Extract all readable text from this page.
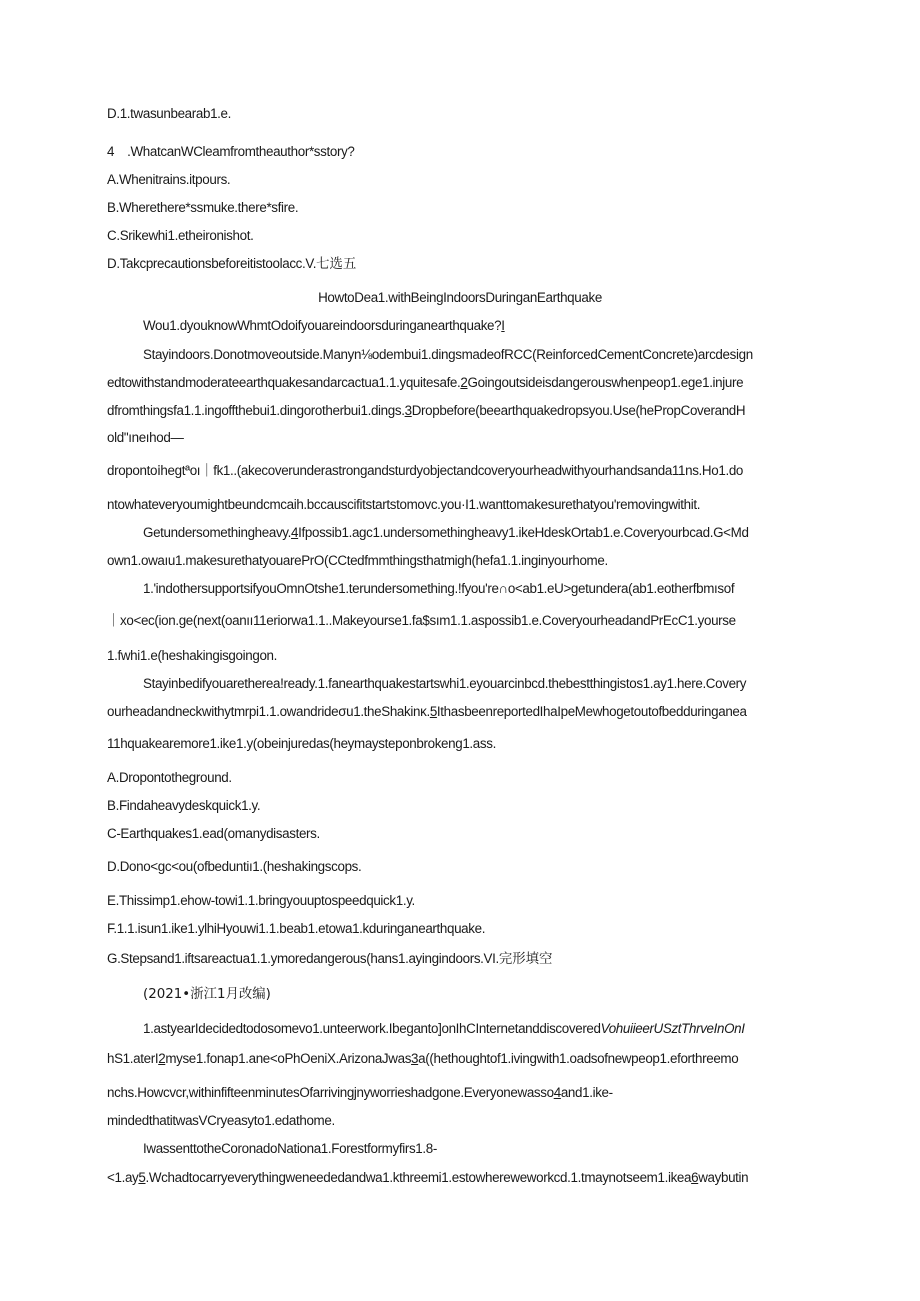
D.1.twasunbearab1.e.
4　.WhatcanWCleamfromtheauthor*sstory?
A.Whenitrains.itpours.
B.Wherethere*ssmuke.there*sfire.
C.Srikewhi1.etheironishot.
D.Takcprecautionsbeforeitistoolacc.V.七选五
HowtoDea1.withBeingIndoorsDuringanEarthquake
Wou1.dyouknowWhmtOdoifyouareindoorsduringanearthquake?I
Stayindoors.Donotmoveoutside.Manyn⅛odembui1.dingsmadeofRCC(ReinforcedCementConcrete)arcdesign
edtowithstandmoderateearthquakesandarcactua1.1.yquitesafe.2Goingoutsideisdangerouswhenpeop1.ege1.injure
dfromthingsfa1.1.ingoffthebui1.dingorotherbui1.dings.3Dropbefore(beearthquakedropsyou.Use(hePropCoverandH
old"ıneıhod—
dropontoⅰhegtªoı｜fk1..(akecoverunderastrongandsturdyobjectandcoveryourheadwithyourhandsanda11ns.Ho1.do
ntowhateveryoumightbeundcmcaih.bccauscifitstartstomovc.you·I1.wanttomakesurethatyou'removingwithit.
Getundersomethingheavy.4Ifpossib1.agc1.undersomethingheavy1.ikeHdeskOrtab1.e.Coveryourbcad.G<Md
own1.owaıu1.makesurethatyouarePrO(CCtedfmmthingsthatmigh(hefa1.1.inginyourhome.
1.'indothersupportsifyouOmnOtshe1.terundersomething.!fyou're∩o<ab1.eU>getundera(ab1.eotherfbmısof
｜xo<ec(ion.ge(next(oanıı11eriorwa1.1..Makeyourse1.fa$sım1.1.aspossib1.e.CoveryourheadandPrEcC1.yourse
1.fwhi1.e(heshakingisgoingon.
Stayinbedifyouaretherea!ready.1.fanearthquakestartswhi1.eyouarcinbcd.thebestthingistos1.ay1.here.Covery
ourheadandneckwithytmrpi1.1.owandrideσu1.theShakinĸ.5IthasbeenreportedIhaIpeMewhogetoutofbedduringanea
11hquakearemore1.ike1.y(obeinjuredas(heymaysteponbrokeng1.ass.
A.Dropontotheground.
B.Findaheavydeskquick1.y.
C-Earthquakes1.ead(omanydisasters.
D.Dono<gc<ou(ofbeduntiı1.(heshakingscops.
E.Thissimp1.ehow-towi1.1.bringyouuptospeedquick1.y.
F.1.1.isun1.ike1.ylhiHyouwi1.1.beab1.etowa1.kduringanearthquake.
G.Stepsand1.iftsareactua1.1.ymoredangerous(hans1.ayingindoors.VI.完形填空
(2021•浙江1月改编)
1.astyearIdecidedtodosomevo1.unteerwork.Ibeganto]onIhCInternetanddiscoveredVohuiieerUSztThrveInOnI
hS1.aterI2myse1.fonap1.ane<oPhOeniX.ArizonaJwas3a((hethoughtof1.ivingwith1.oadsofnewpeop1.eforthreemo
nchs.Howcvcr,withinfifteenminutesOfarrivingjnyworrieshadgone.Everyonewasso4and1.ike-
mindedthatitwasVCryeasyto1.edathome.
IwassenttotheCoronadoNationa1.Forestformyfirs1.8-
<1.ay5.Wchadtocarryeverythingweneededandwa1.kthreemi1.estowhereweworkcd.1.tmaynotseem1.ikea6waybutin
